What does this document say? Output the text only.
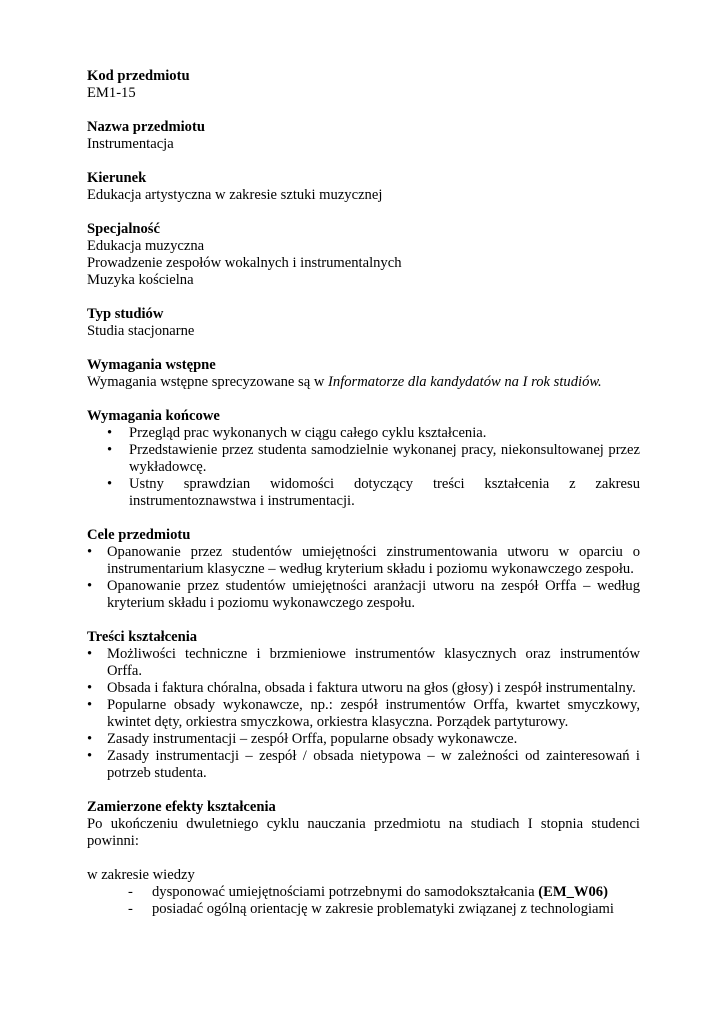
Kod przedmiotu
EM1-15
Nazwa przedmiotu
Instrumentacja
Kierunek
Edukacja artystyczna w zakresie sztuki muzycznej
Specjalność
Edukacja muzyczna
Prowadzenie zespołów wokalnych i instrumentalnych
Muzyka kościelna
Typ studiów
Studia stacjonarne
Wymagania wstępne
Wymagania wstępne sprecyzowane są w Informatorze dla kandydatów na I rok studiów.
Wymagania końcowe
• Przegląd prac wykonanych w ciągu całego cyklu kształcenia.
• Przedstawienie przez studenta samodzielnie wykonanej pracy, niekonsultowanej przez wykładowcę.
• Ustny sprawdzian widomości dotyczący treści kształcenia z zakresu instrumentoznawstwa i instrumentacji.
Cele przedmiotu
• Opanowanie przez studentów umiejętności zinstrumentowania utworu w oparciu o instrumentarium klasyczne – według kryterium składu i poziomu wykonawczego zespołu.
• Opanowanie przez studentów umiejętności aranżacji utworu na zespół Orffa – według kryterium składu i poziomu wykonawczego zespołu.
Treści kształcenia
• Możliwości techniczne i brzmieniowe instrumentów klasycznych oraz instrumentów Orffa.
• Obsada i faktura chóralna, obsada i faktura utworu na głos (głosy) i zespół instrumentalny.
• Popularne obsady wykonawcze, np.: zespół instrumentów Orffa, kwartet smyczkowy, kwintet dęty, orkiestra smyczkowa, orkiestra klasyczna. Porządek partyturowy.
• Zasady instrumentacji – zespół Orffa, popularne obsady wykonawcze.
• Zasady instrumentacji – zespół / obsada nietypowa – w zależności od zainteresowań i potrzeb studenta.
Zamierzone efekty kształcenia
Po ukończeniu dwuletniego cyklu nauczania przedmiotu na studiach I stopnia studenci powinni:
w zakresie wiedzy
- dysponować umiejętnościami potrzebnymi do samodokształcania (EM_W06)
- posiadać ogólną orientację w zakresie problematyki związanej z technologiami
